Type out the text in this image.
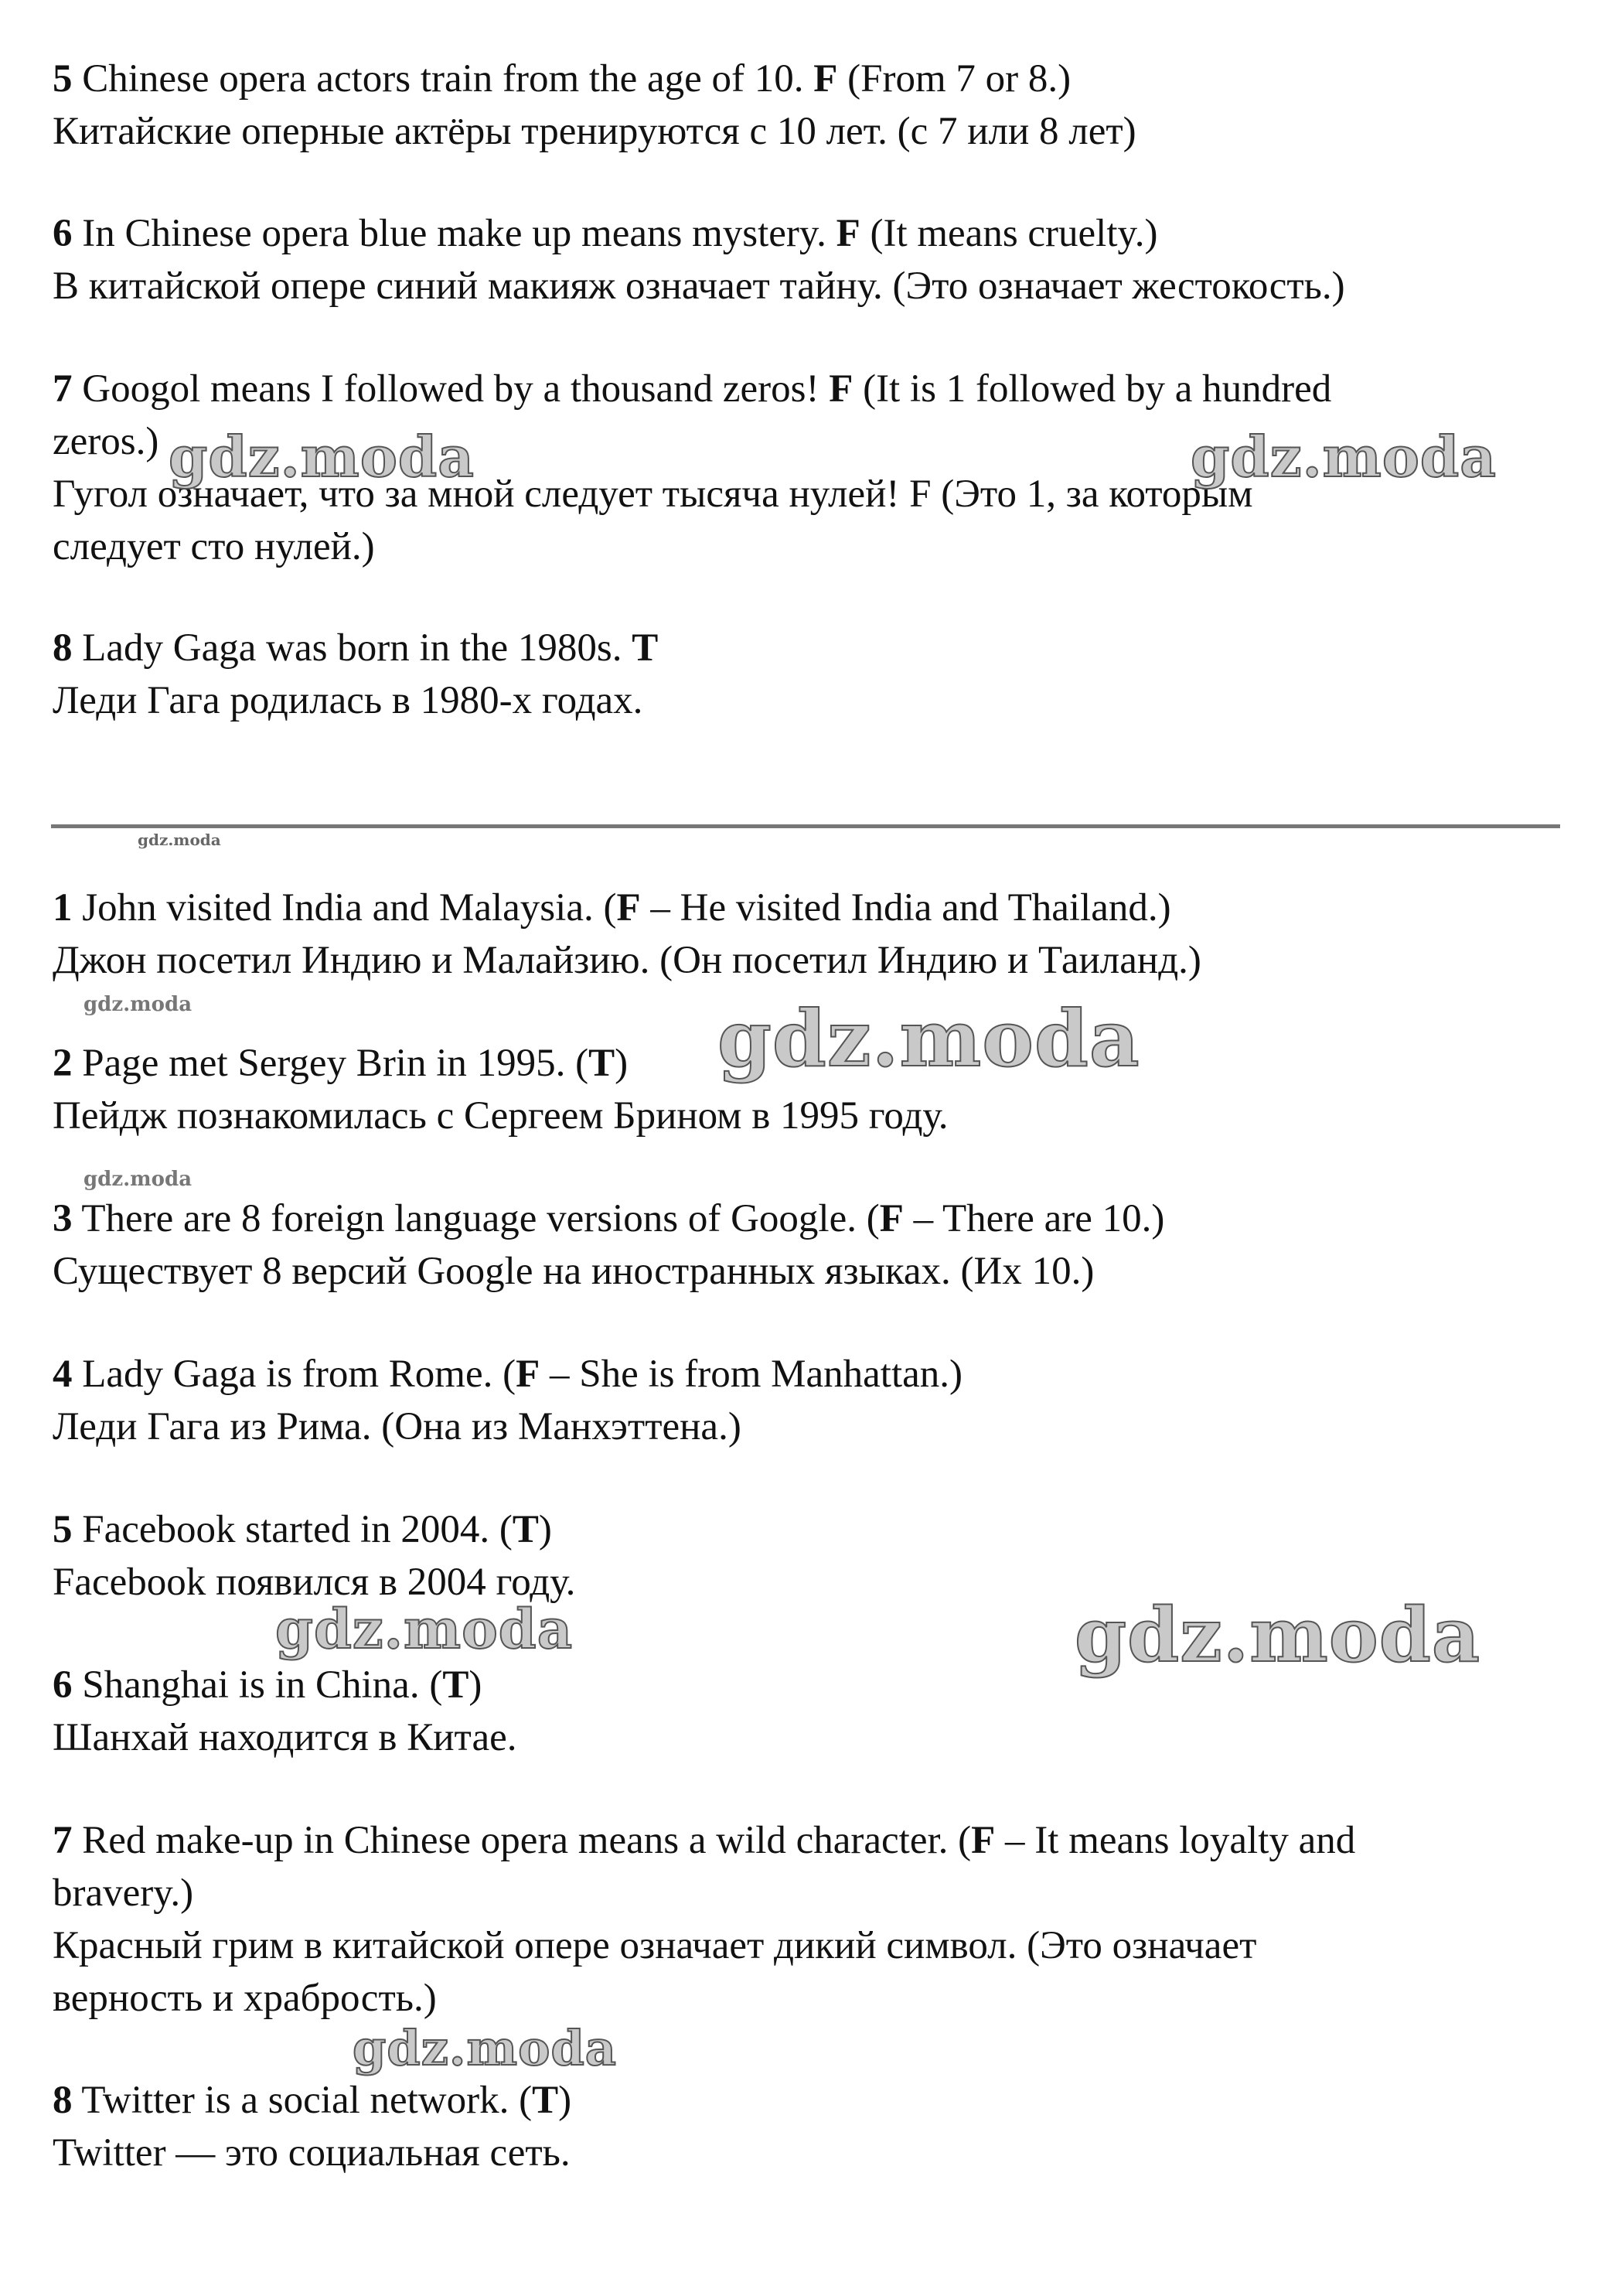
5 Chinese opera actors train from the age of 10. F (From 7 or 8.)
Китайские оперные актёры тренируются с 10 лет. (с 7 или 8 лет)
6 In Chinese opera blue make up means mystery. F (It means cruelty.)
В китайской опере синий макияж означает тайну. (Это означает жестокость.)
7 Googol means I followed by a thousand zeros! F (It is 1 followed by a hundred
zeros.)
Гугол означает, что за мной следует тысяча нулей! F (Это 1, за которым
следует сто нулей.)
8 Lady Gaga was born in the 1980s. T
Леди Гага родилась в 1980-х годах.
1 John visited India and Malaysia. (F – He visited India and Thailand.)
Джон посетил Индию и Малайзию. (Он посетил Индию и Таиланд.)
2 Page met Sergey Brin in 1995. (T)
Пейдж познакомилась с Сергеем Брином в 1995 году.
3 There are 8 foreign language versions of Google. (F – There are 10.)
Существует 8 версий Google на иностранных языках. (Их 10.)
4 Lady Gaga is from Rome. (F – She is from Manhattan.)
Леди Гага из Рима. (Она из Манхэттена.)
5 Facebook started in 2004. (T)
Facebook появился в 2004 году.
6 Shanghai is in China. (T)
Шанхай находится в Китае.
7 Red make-up in Chinese opera means a wild character. (F – It means loyalty and
bravery.)
Красный грим в китайской опере означает дикий символ. (Это означает
верность и храбрость.)
8 Twitter is a social network. (T)
Twitter — это социальная сеть.
gdz.moda	gdz.moda
gdz.moda
gdz.moda	gdz.moda
gdz.moda
gdz.moda	gdz.moda
gdz.moda
